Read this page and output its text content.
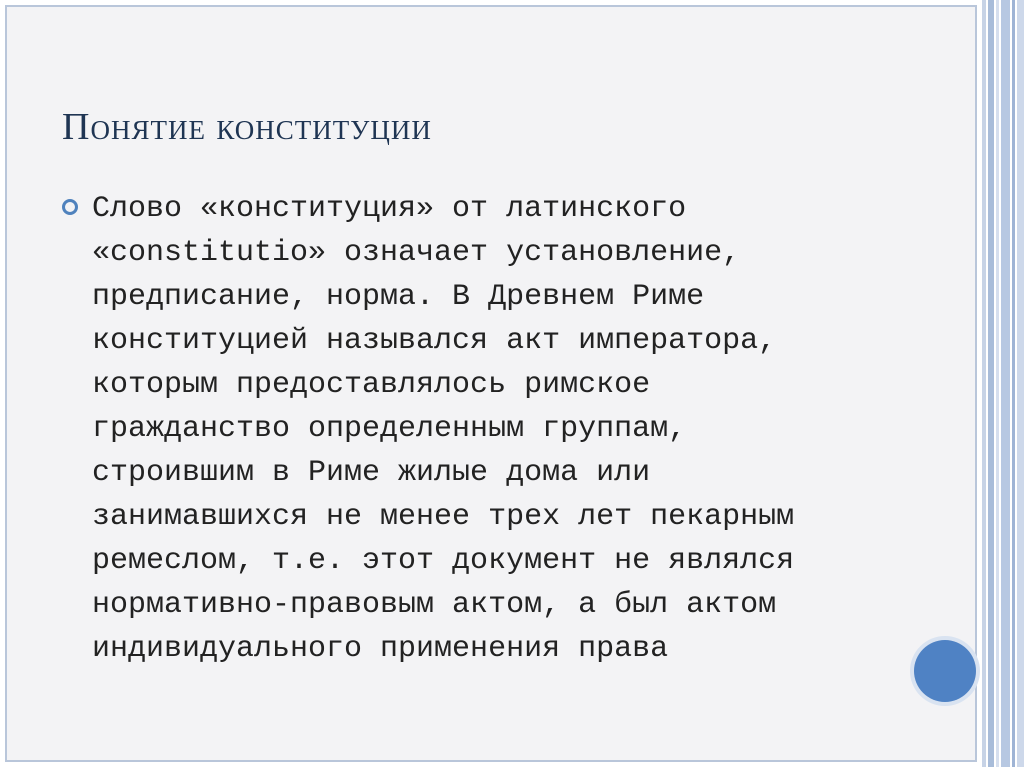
Понятие конституции

Слово «конституция» от латинского
«constitutio» означает установление,
предписание, норма. В Древнем Риме
конституцией назывался акт императора,
которым предоставлялось римское
гражданство определенным группам,
строившим в Риме жилые дома или
занимавшихся не менее трех лет пекарным
ремеслом, т.е. этот документ не являлся
нормативно-правовым актом, а был актом
индивидуального применения права
